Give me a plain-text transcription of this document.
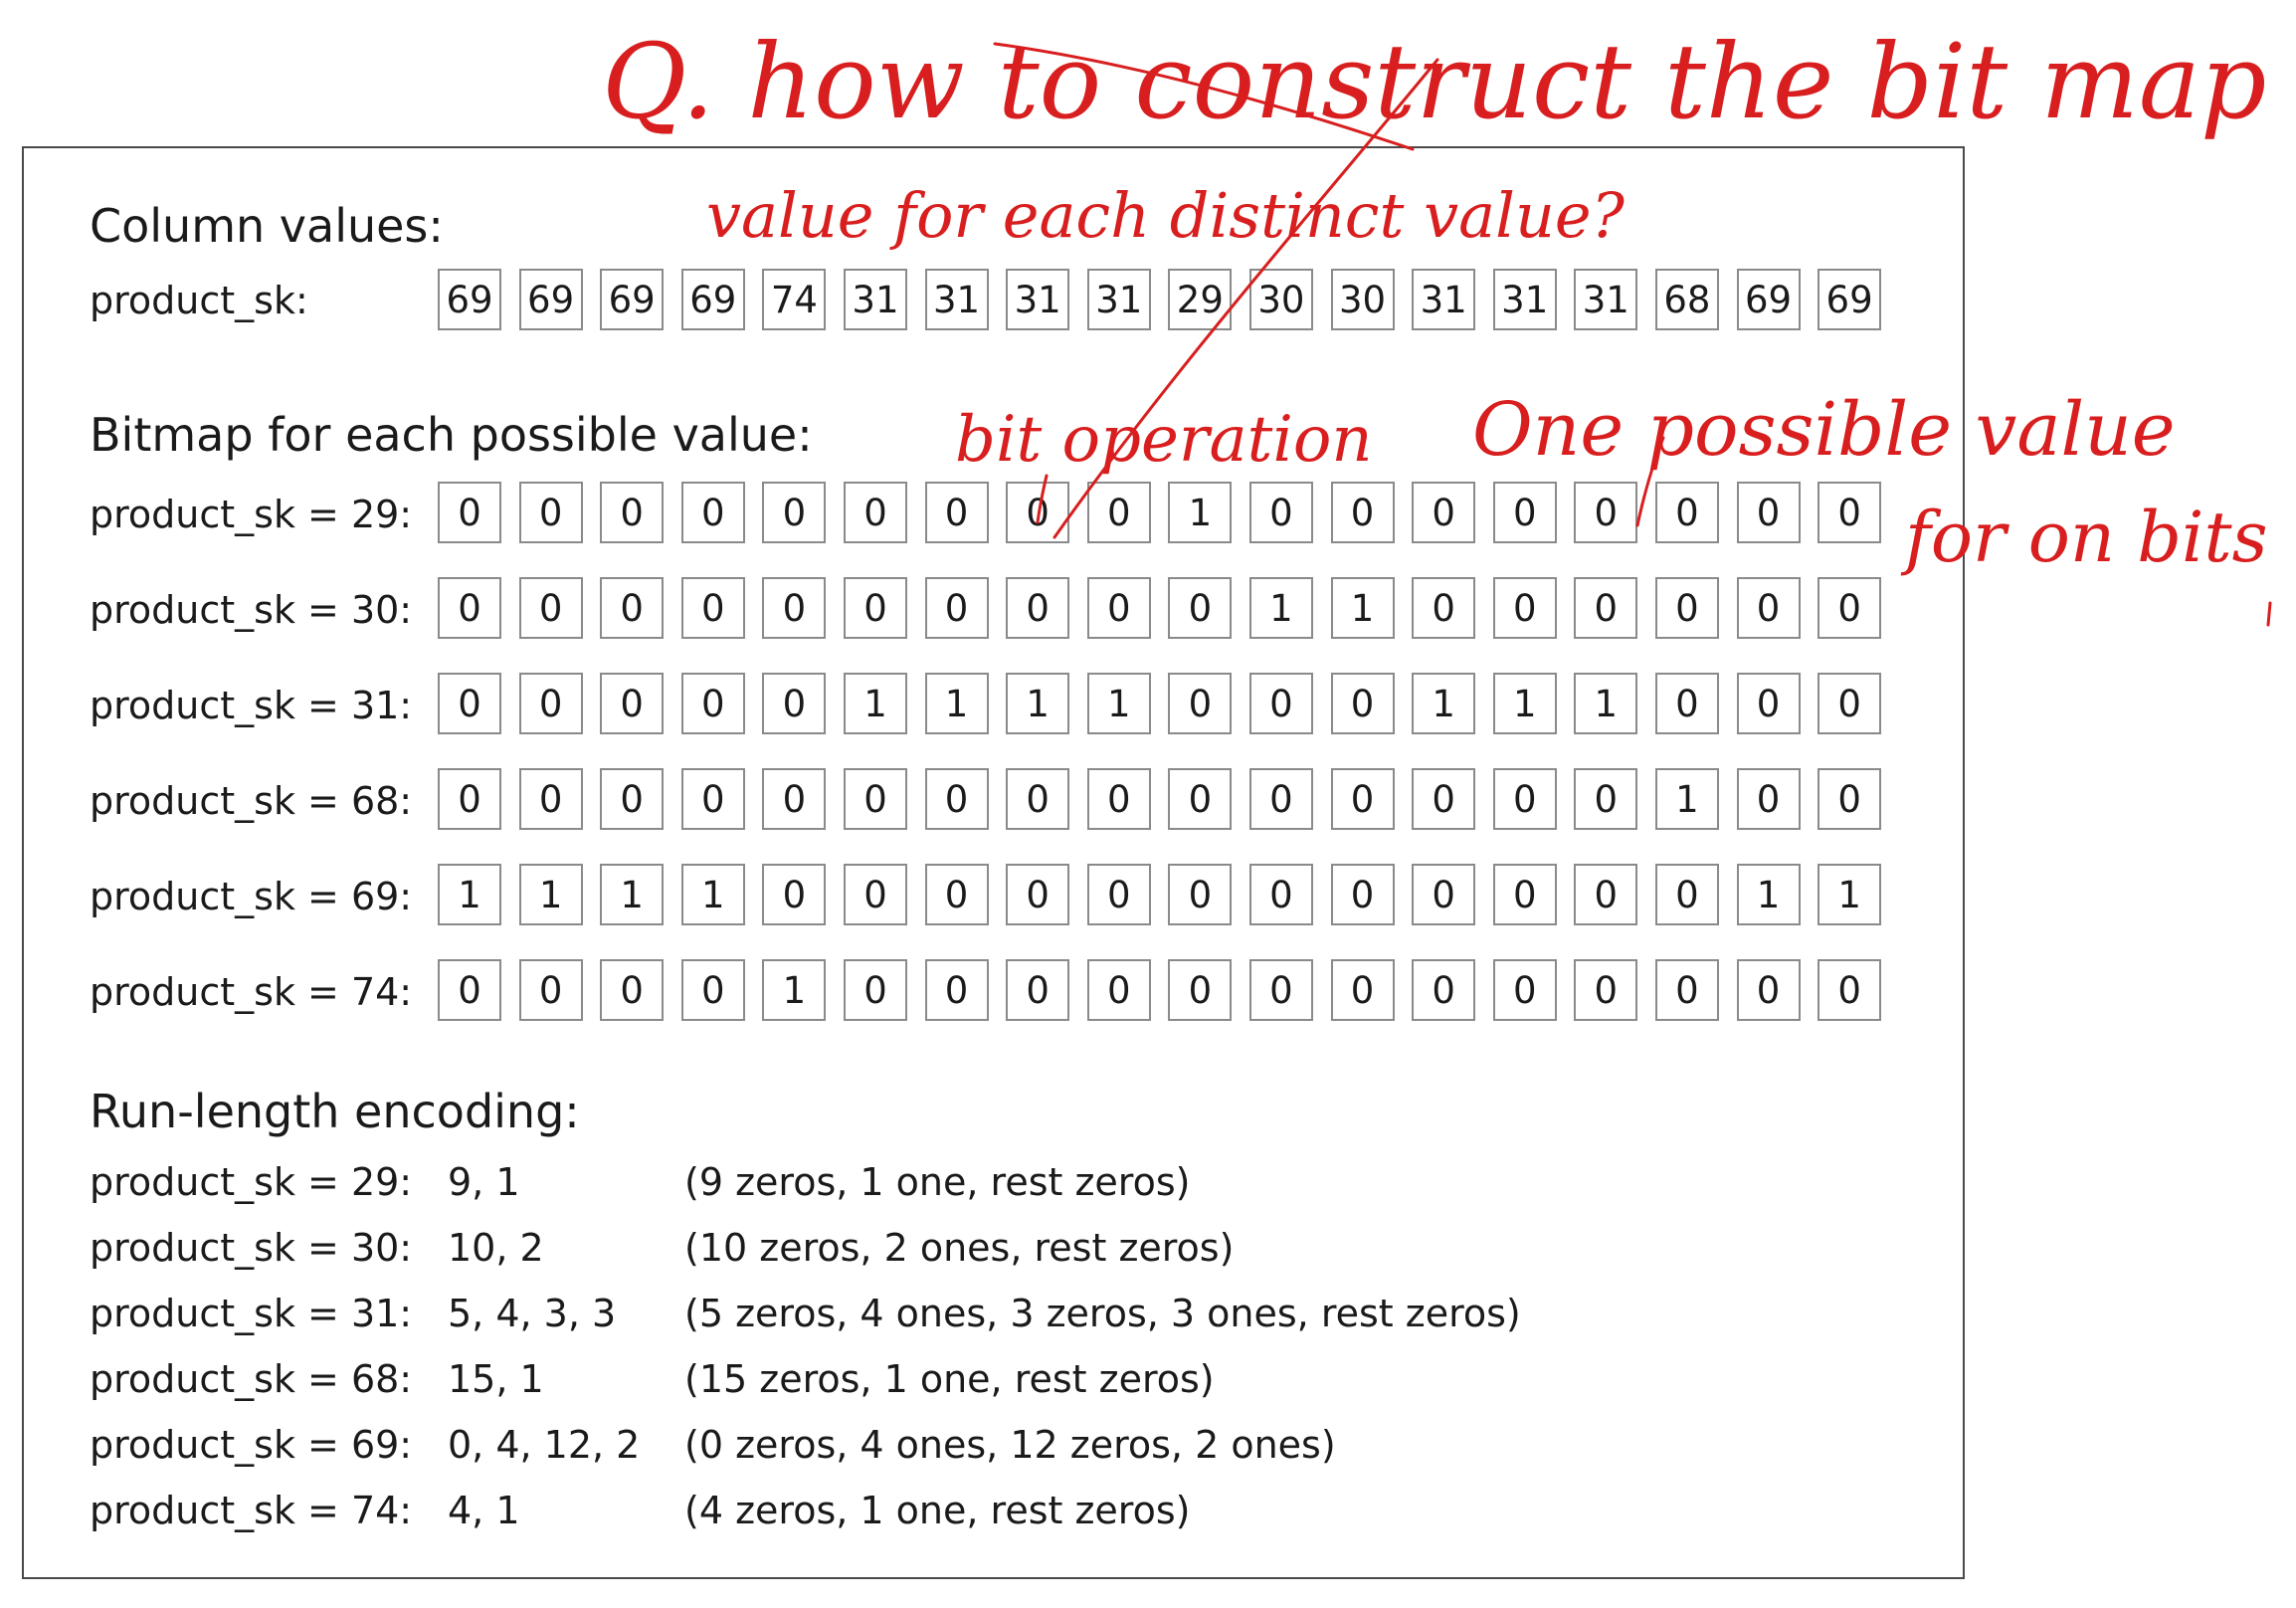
Column values:
product_sk:	69 69 69 69 74 31 31 31 31 29 30 30 31 31 31 68 69 69
Bitmap for each possible value:
product_sk = 29:	0	0	0	0	0	0	0	0	0	1	0	0	0	0	0	0	0	0
product_sk = 30:	0	0	0	0	0	0	0	0	0	0	1	1	0	0	0	0	0	0
product_sk = 31:	0	0	0	0	0	1	1	1	1	0	0	0	1	1	1	0	0	0
product_sk = 68:	0	0	0	0	0	0	0	0	0	0	0	0	0	0	0	1	0	0
product_sk = 69:	1	1	1	1	0	0	0	0	0	0	0	0	0	0	0	0	1	1
product_sk = 74:	0	0	0	0	1	0	0	0	0	0	0	0	0	0	0	0	0	0
Run-length encoding:
product_sk = 29: 9, 1	(9 zeros, 1 one, rest zeros)
product_sk = 30: 10, 2	(10 zeros, 2 ones, rest zeros)
product_sk = 31: 5, 4, 3, 3 (5 zeros, 4 ones, 3 zeros, 3 ones, rest zeros)
product_sk = 68: 15, 1	(15 zeros, 1 one, rest zeros)
product_sk = 69: 0, 4, 12, 2 (0 zeros, 4 ones, 12 zeros, 2 ones)
product_sk = 74: 4, 1	(4 zeros, 1 one, rest zeros)
Q. how to construct the bit map
value for each distinct value?
bit operation One possible value
for on bits
